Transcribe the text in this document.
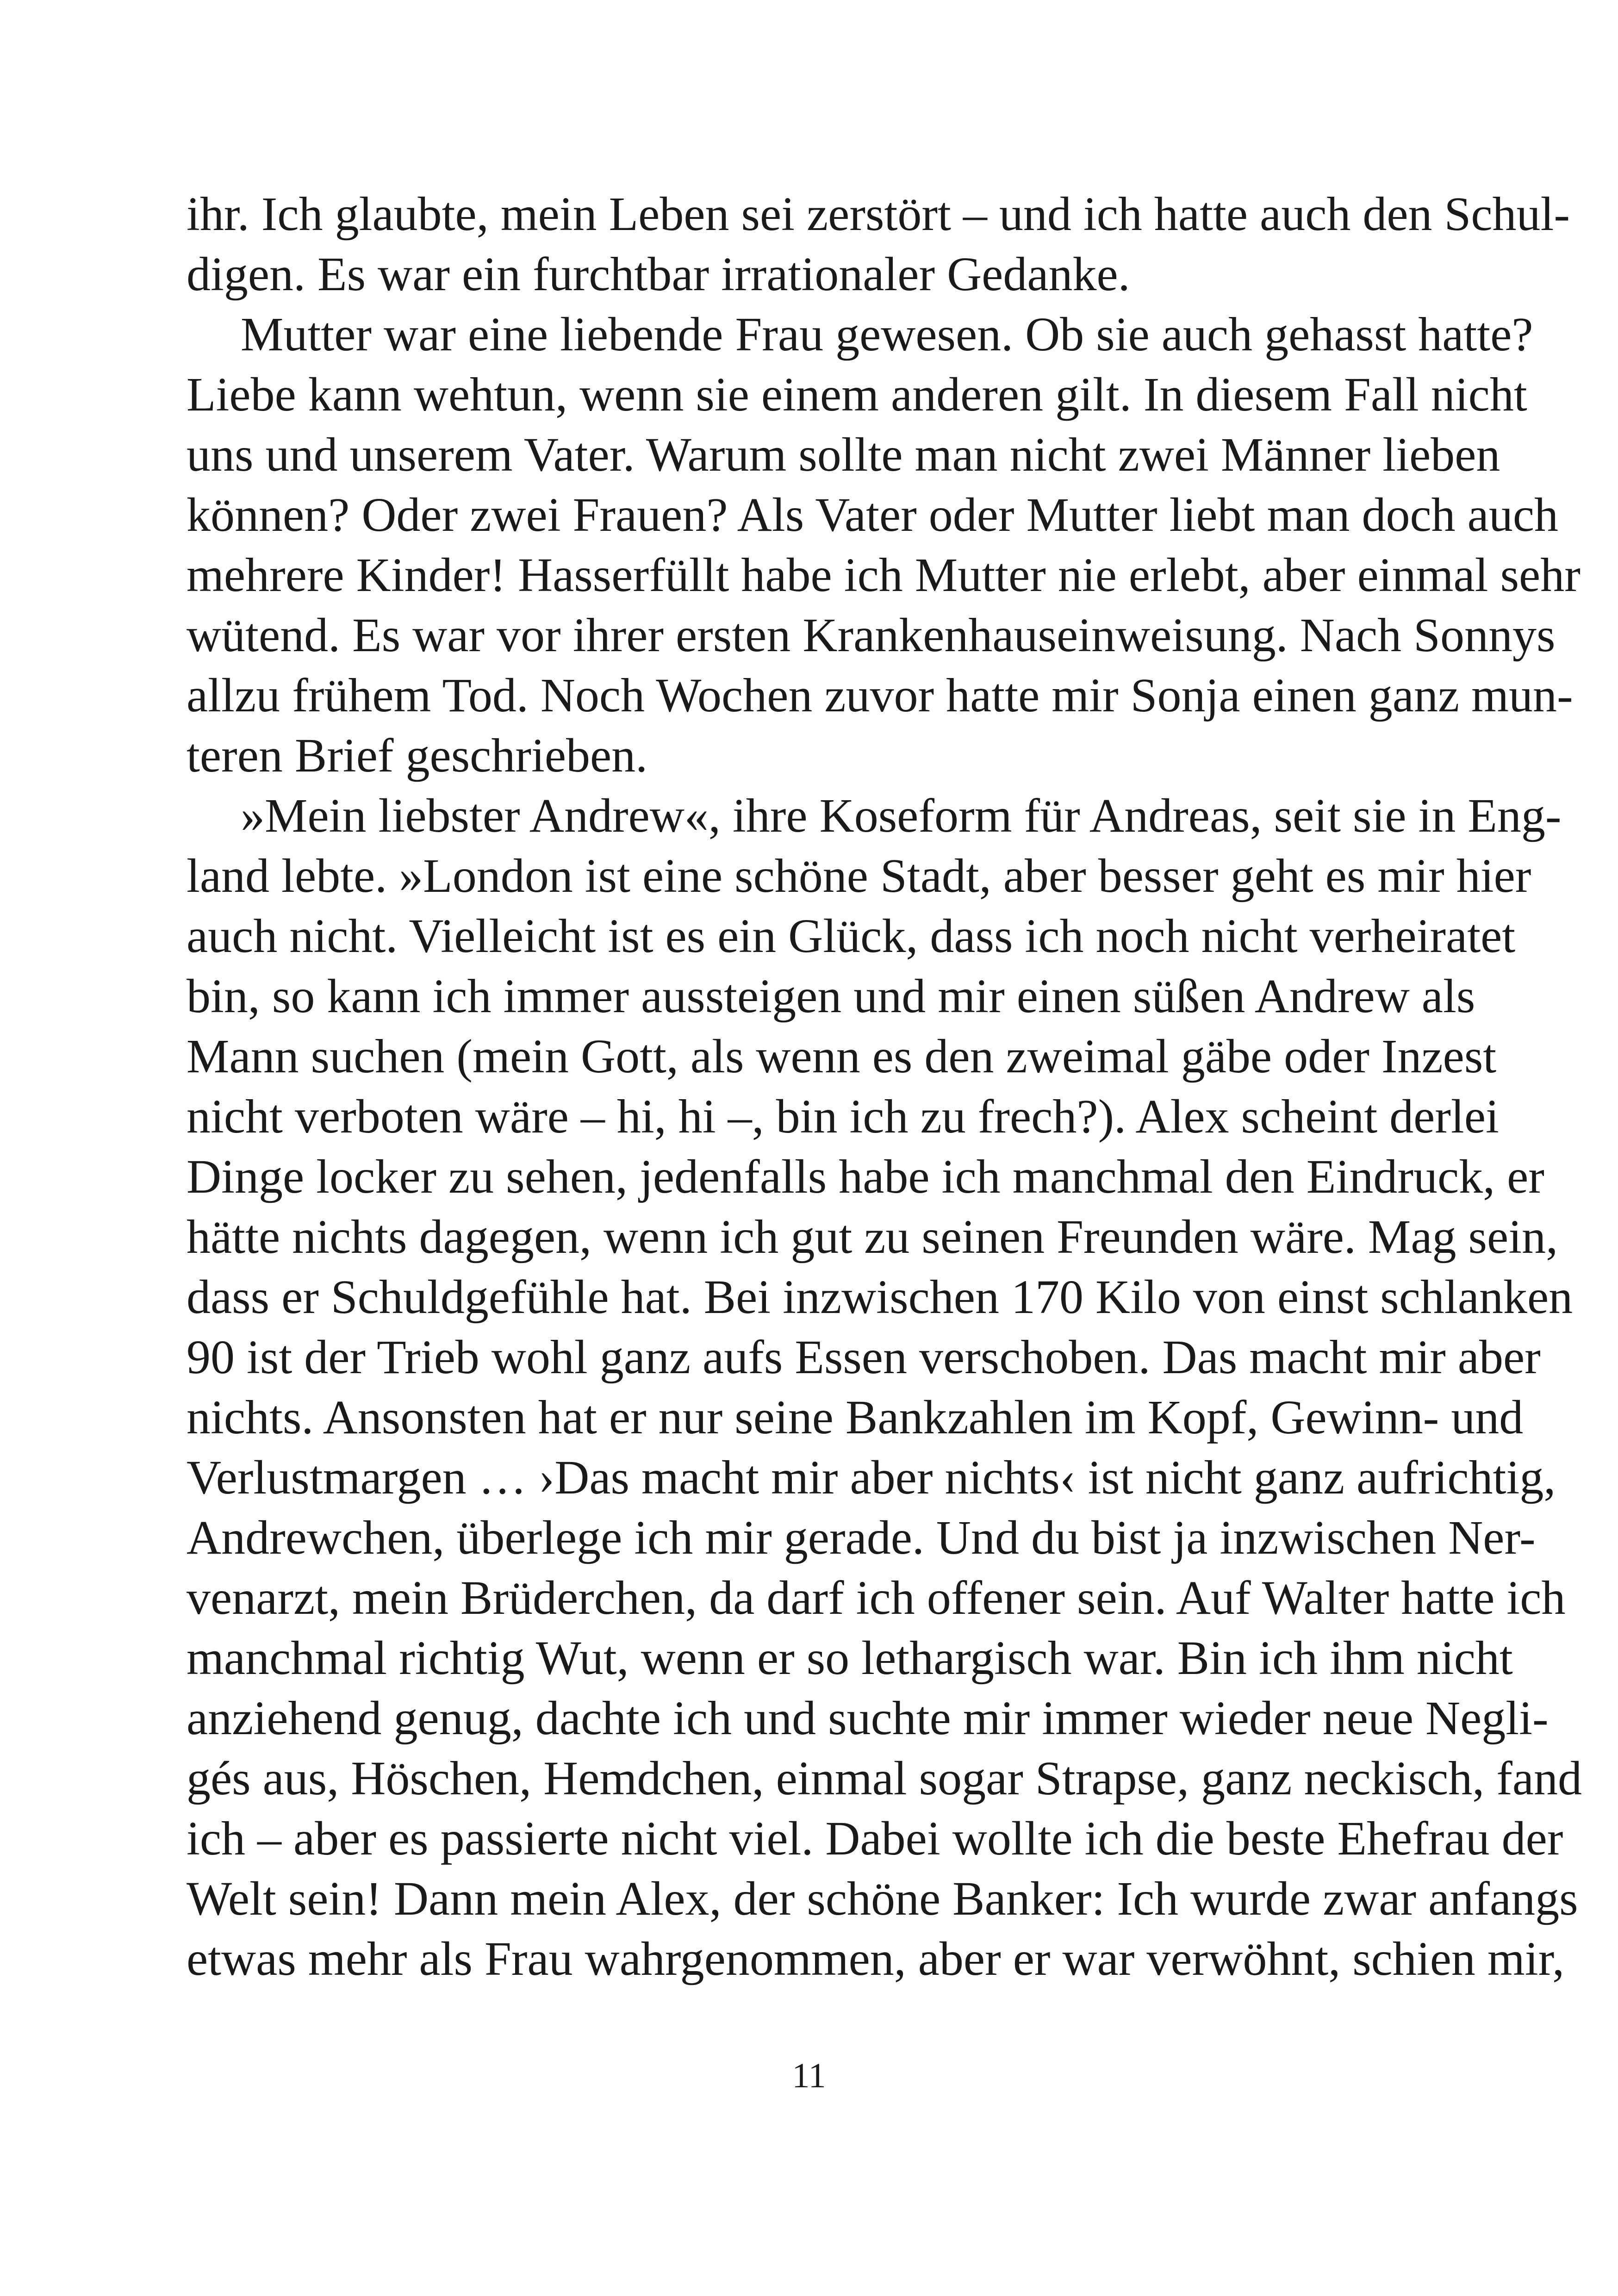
ihr. Ich glaubte, mein Leben sei zerstört – und ich hatte auch den Schul-
digen. Es war ein furchtbar irrationaler Gedanke.
Mutter war eine liebende Frau gewesen. Ob sie auch gehasst hatte?
Liebe kann wehtun, wenn sie einem anderen gilt. In diesem Fall nicht
uns und unserem Vater. Warum sollte man nicht zwei Männer lieben
können? Oder zwei Frauen? Als Vater oder Mutter liebt man doch auch
mehrere Kinder! Hasserfüllt habe ich Mutter nie erlebt, aber einmal sehr
wütend. Es war vor ihrer ersten Krankenhauseinweisung. Nach Sonnys
allzu frühem Tod. Noch Wochen zuvor hatte mir Sonja einen ganz mun-
teren Brief geschrieben.
»Mein liebster Andrew«, ihre Koseform für Andreas, seit sie in Eng-
land lebte. »London ist eine schöne Stadt, aber besser geht es mir hier
auch nicht. Vielleicht ist es ein Glück, dass ich noch nicht verheiratet
bin, so kann ich immer aussteigen und mir einen süßen Andrew als
Mann suchen (mein Gott, als wenn es den zweimal gäbe oder Inzest
nicht verboten wäre – hi, hi –, bin ich zu frech?). Alex scheint derlei
Dinge locker zu sehen, jedenfalls habe ich manchmal den Eindruck, er
hätte nichts dagegen, wenn ich gut zu seinen Freunden wäre. Mag sein,
dass er Schuldgefühle hat. Bei inzwischen 170 Kilo von einst schlanken
90 ist der Trieb wohl ganz aufs Essen verschoben. Das macht mir aber
nichts. Ansonsten hat er nur seine Bankzahlen im Kopf, Gewinn- und
Verlustmargen … ›Das macht mir aber nichts‹ ist nicht ganz aufrichtig,
Andrewchen, überlege ich mir gerade. Und du bist ja inzwischen Ner-
venarzt, mein Brüderchen, da darf ich offener sein. Auf Walter hatte ich
manchmal richtig Wut, wenn er so lethargisch war. Bin ich ihm nicht
anziehend genug, dachte ich und suchte mir immer wieder neue Negli-
gés aus, Höschen, Hemdchen, einmal sogar Strapse, ganz neckisch, fand
ich – aber es passierte nicht viel. Dabei wollte ich die beste Ehefrau der
Welt sein! Dann mein Alex, der schöne Banker: Ich wurde zwar anfangs
etwas mehr als Frau wahrgenommen, aber er war verwöhnt, schien mir,
11
